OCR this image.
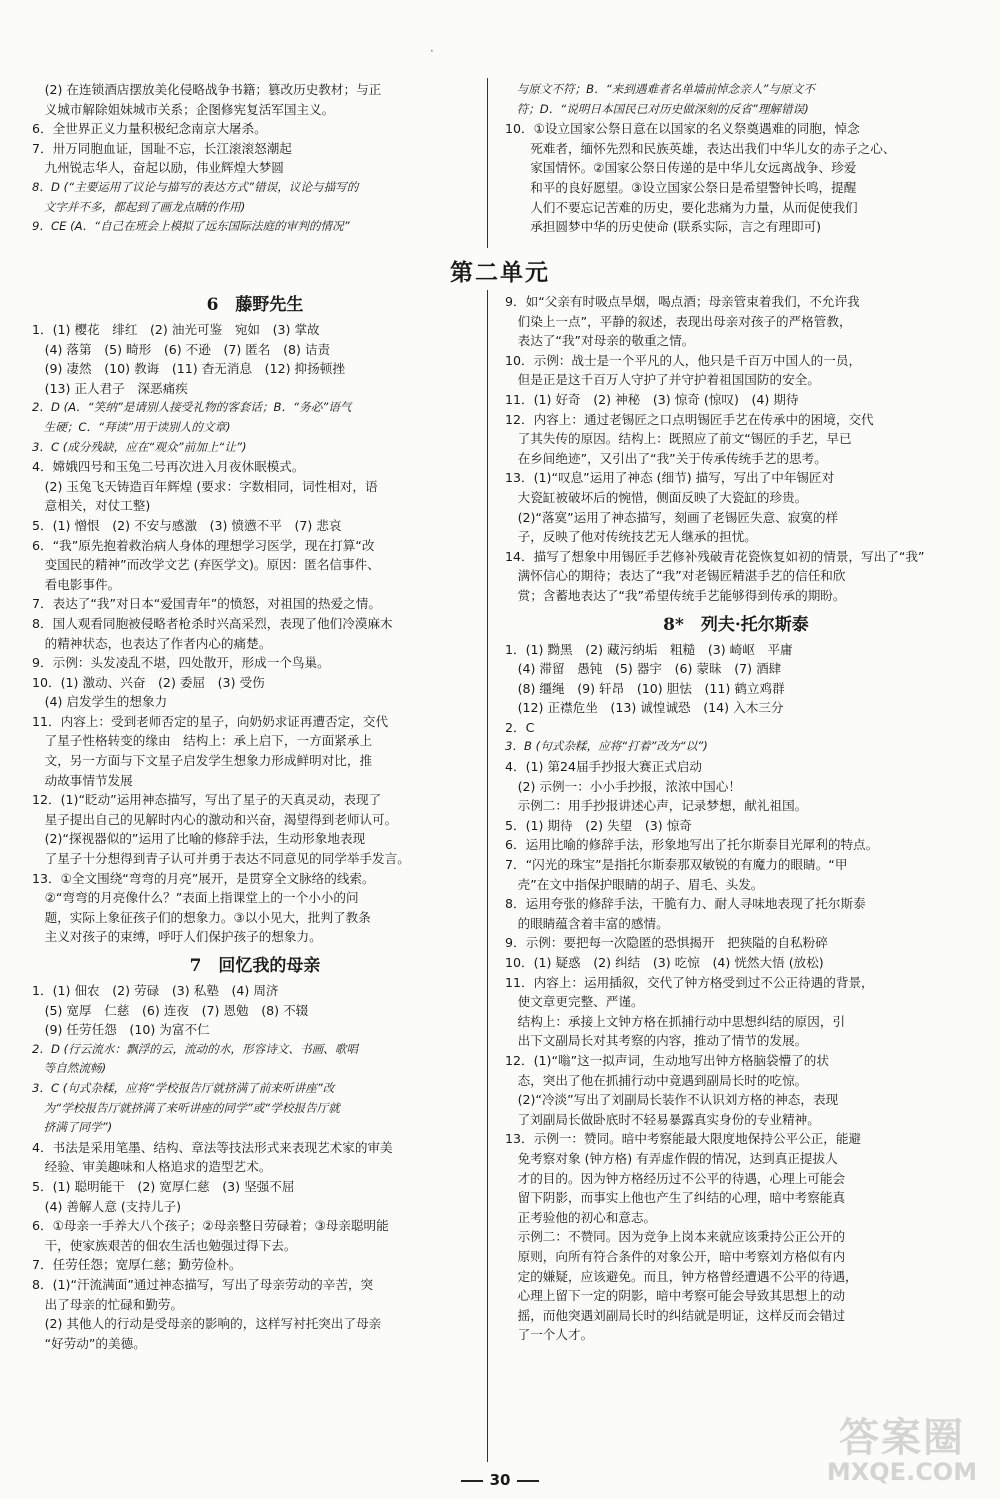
·
　(2) 在连锁酒店摆放美化侵略战争书籍；篡改历史教材；与正
　义城市解除姐妹城市关系；企图修宪复活军国主义。
6．全世界正义力量积极纪念南京大屠杀。
7．卅万同胞血证，国耻不忘，长江滚滚怒潮起
　九州锐志华人，奋起以励，伟业辉煌大梦圆
8．D (“主要运用了议论与描写的表达方式”错误，议论与描写的
　文字并不多，都起到了画龙点睛的作用)
9．CE (A．“自己在班会上模拟了远东国际法庭的审判的情况”
　与原文不符；B．“来到遇难者名单墙前悼念亲人”与原文不
　符；D．“说明日本国民已对历史做深刻的反省”理解错误)
10．①设立国家公祭日意在以国家的名义祭奠遇难的同胞，悼念
　　死难者，缅怀先烈和民族英雄，表达出我们中华儿女的赤子之心、
　　家国情怀。②国家公祭日传递的是中华儿女远离战争、珍爱
　　和平的良好愿望。③设立国家公祭日是希望警钟长鸣，提醒
　　人们不要忘记苦难的历史，要化悲痛为力量，从而促使我们
　　承担圆梦中华的历史使命 (联系实际，言之有理即可)
第二单元
6　藤野先生
1．(1) 樱花　绯红　(2) 油光可鉴　宛如　(3) 掌故
　(4) 落第　(5) 畸形　(6) 不逊　(7) 匿名　(8) 诘责
　(9) 凄然　(10) 教诲　(11) 杳无消息　(12) 抑扬顿挫
　(13) 正人君子　深恶痛疾
2．D (A．“笑纳”是请别人接受礼物的客套话；B．“务必”语气
　生硬；C．“拜读”用于读别人的文章)
3．C (成分残缺，应在“观众”前加上“让”)
4．嫦娥四号和玉兔二号再次进入月夜休眠模式。
　(2) 玉兔飞天铸造百年辉煌 (要求：字数相同，词性相对，语
　意相关，对仗工整)
5．(1) 憎恨　(2) 不安与感激　(3) 愤懑不平　(7) 悲哀
6．“我”原先抱着救治病人身体的理想学习医学，现在打算“改
　变国民的精神”而改学文艺 (弃医学文)。原因：匿名信事件、
　看电影事件。
7．表达了“我”对日本“爱国青年”的愤怒，对祖国的热爱之情。
8．国人观看同胞被侵略者枪杀时兴高采烈，表现了他们冷漠麻木
　的精神状态，也表达了作者内心的痛楚。
9．示例：头发凌乱不堪，四处散开，形成一个鸟巢。
10．(1) 激动、兴奋　(2) 委屈　(3) 受伤
　(4) 启发学生的想象力
11．内容上：受到老师否定的星子，向奶奶求证再遭否定，交代
　了星子性格转变的缘由　结构上：承上启下，一方面紧承上
　文，另一方面与下文星子启发学生想象力形成鲜明对比，推
　动故事情节发展
12．(1)“眨动”运用神态描写，写出了星子的天真灵动，表现了
　星子提出自己的见解时内心的激动和兴奋，渴望得到老师认可。
　(2)“探视器似的”运用了比喻的修辞手法，生动形象地表现
　了星子十分想得到青子认可并勇于表达不同意见的同学举手发言。
13．①全文围绕“弯弯的月亮”展开，是贯穿全文脉络的线索。
　②“弯弯的月亮像什么？”表面上指课堂上的一个小小的问
　题，实际上象征孩子们的想象力。③以小见大，批判了教条
　主义对孩子的束缚，呼吁人们保护孩子的想象力。
7　回忆我的母亲
1．(1) 佃农　(2) 劳碌　(3) 私塾　(4) 周济
　(5) 宽厚　仁慈　(6) 连夜　(7) 恩勉　(8) 不辍
　(9) 任劳任怨　(10) 为富不仁
2．D (行云流水：飘浮的云，流动的水，形容诗文、书画、歌唱
　等自然流畅)
3．C (句式杂糅，应将“学校报告厅就挤满了前来听讲座”改
　为“学校报告厅就挤满了来听讲座的同学”或“学校报告厅就
　挤满了同学”)
4．书法是采用笔墨、结构、章法等技法形式来表现艺术家的审美
　经验、审美趣味和人格追求的造型艺术。
5．(1) 聪明能干　(2) 宽厚仁慈　(3) 坚强不屈
　(4) 善解人意 (支持儿子)
6．①母亲一手养大八个孩子；②母亲整日劳碌着；③母亲聪明能
　干，使家族艰苦的佃农生活也勉强过得下去。
7．任劳任怨；宽厚仁慈；勤劳俭朴。
8．(1)“汗流满面”通过神态描写，写出了母亲劳动的辛苦，突
　出了母亲的忙碌和勤劳。
　(2) 其他人的行动是受母亲的影响的，这样写衬托突出了母亲
　“好劳动”的美德。
9．如“父亲有时吸点旱烟，喝点酒；母亲管束着我们，不允许我
　们染上一点”，平静的叙述，表现出母亲对孩子的严格管教，
　表达了“我”对母亲的敬重之情。
10．示例：战士是一个平凡的人，他只是千百万中国人的一员，
　但是正是这千百万人守护了并守护着祖国国防的安全。
11．(1) 好奇　(2) 神秘　(3) 惊奇 (惊叹)　(4) 期待
12．内容上：通过老锡匠之口点明锡匠手艺在传承中的困境，交代
　了其失传的原因。结构上：既照应了前文“锡匠的手艺，早已
　在乡间绝迹”，又引出了“我”关于传承传统手艺的思考。
13．(1)“叹息”运用了神态 (细节) 描写，写出了中年锡匠对
　大瓷缸被破坏后的惋惜，侧面反映了大瓷缸的珍贵。
　(2)“落寞”运用了神态描写，刻画了老锡匠失意、寂寞的样
　子，反映了他对传统技艺无人继承的担忧。
14．描写了想象中用锡匠手艺修补残破青花瓷恢复如初的情景，写出了“我”
　满怀信心的期待；表达了“我”对老锡匠精湛手艺的信任和欣
　赏；含蓄地表达了“我”希望传统手艺能够得到传承的期盼。
8*　列夫·托尔斯泰
1．(1) 黝黑　(2) 藏污纳垢　粗糙　(3) 崎岖　平庸
　(4) 滞留　愚钝　(5) 器宇　(6) 蒙昧　(7) 酒肆
　(8) 缰绳　(9) 轩昂　(10) 胆怯　(11) 鹤立鸡群
　(12) 正襟危坐　(13) 诚惶诚恐　(14) 入木三分
2．C
3．B (句式杂糅，应将“打着”改为“以”)
4．(1) 第24届手抄报大赛正式启动
　(2) 示例一：小小手抄报，浓浓中国心！
　示例二：用手抄报讲述心声，记录梦想，献礼祖国。
5．(1) 期待　(2) 失望　(3) 惊奇
6．运用比喻的修辞手法，形象地写出了托尔斯泰目光犀利的特点。
7．“闪光的珠宝”是指托尔斯泰那双敏锐的有魔力的眼睛。“甲
　壳”在文中指保护眼睛的胡子、眉毛、头发。
8．运用夸张的修辞手法，干脆有力、耐人寻味地表现了托尔斯泰
　的眼睛蕴含着丰富的感情。
9．示例：要把每一次隐匿的恐惧揭开　把狭隘的自私粉碎
10．(1) 疑惑　(2) 纠结　(3) 吃惊　(4) 恍然大悟 (放松)
11．内容上：运用插叙，交代了钟方格受到过不公正待遇的背景，
　使文章更完整、严谨。
　结构上：承接上文钟方格在抓捕行动中思想纠结的原因，引
　出下文副局长对其考察的内容，推动了情节的发展。
12．(1)“嗡”这一拟声词，生动地写出钟方格脑袋懵了的状
　态，突出了他在抓捕行动中竟遇到副局长时的吃惊。
　(2)“冷淡”写出了刘副局长装作不认识刘方格的神态，表现
　了刘副局长做卧底时不轻易暴露真实身份的专业精神。
13．示例一：赞同。暗中考察能最大限度地保持公平公正，能避
　免考察对象 (钟方格) 有弄虚作假的情况，达到真正提拔人
　才的目的。因为钟方格经历过不公平的待遇，心理上可能会
　留下阴影，而事实上他也产生了纠结的心理，暗中考察能真
　正考验他的初心和意志。
　示例二：不赞同。因为竞争上岗本来就应该秉持公正公开的
　原则，向所有符合条件的对象公开，暗中考察刘方格似有内
　定的嫌疑，应该避免。而且，钟方格曾经遭遇不公平的待遇，
　心理上留下一定的阴影，暗中考察可能会导致其思想上的动
　摇，而他突遇刘副局长时的纠结就是明证，这样反而会错过
　了一个人才。
30
答案圈
MXQE.COM
